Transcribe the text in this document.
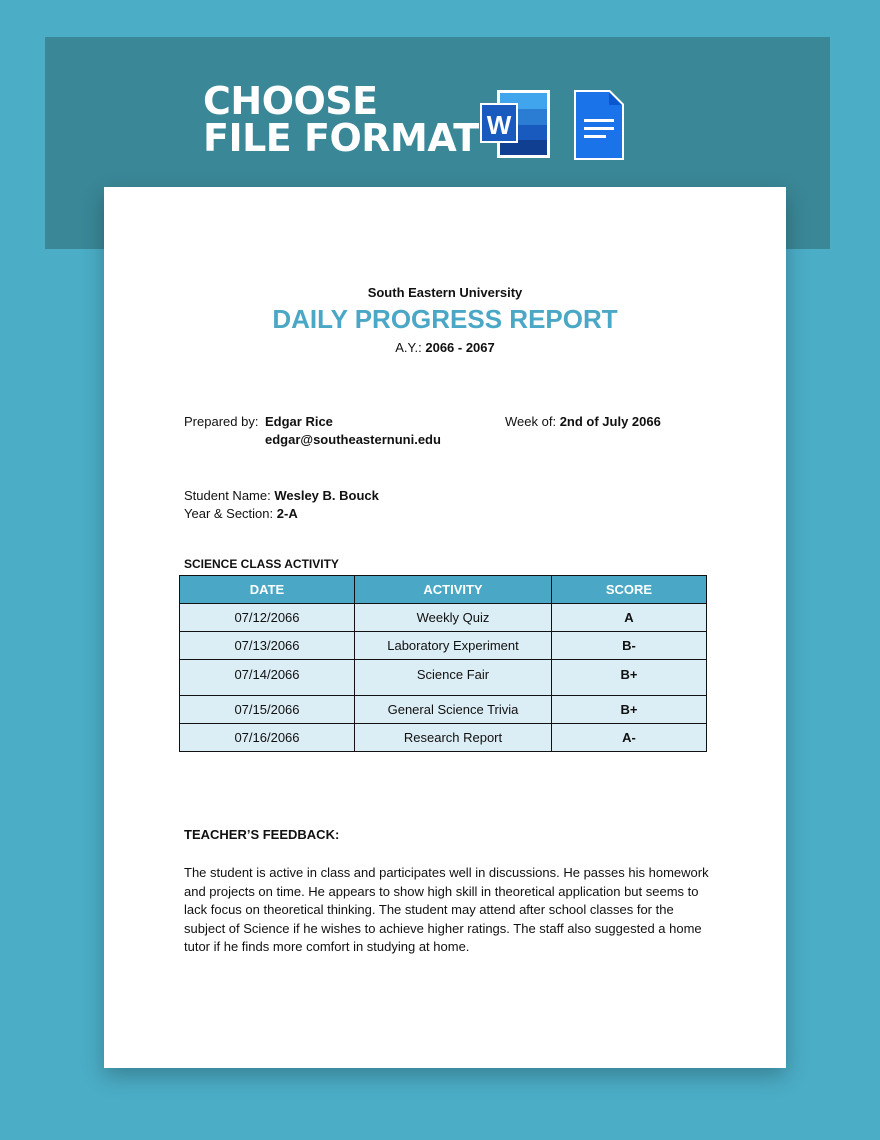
CHOOSE
FILE FORMAT W
South Eastern University
DAILY PROGRESS REPORT
A.Y.: 2066 - 2067
Prepared by: Edgar Rice
edgar@southeasternuni.edu
Week of: 2nd of July 2066
Student Name: Wesley B. Bouck
Year & Section: 2-A
SCIENCE CLASS ACTIVITY
DATE	ACTIVITY	SCORE
07/12/2066	Weekly Quiz	A
07/13/2066	Laboratory Experiment	B-
07/14/2066	Science Fair	B+
07/15/2066	General Science Trivia	B+
07/16/2066	Research Report	A-
TEACHER’S FEEDBACK:
The student is active in class and participates well in discussions. He passes his homework and projects on time. He appears to show high skill in theoretical application but seems to lack focus on theoretical thinking. The student may attend after school classes for the subject of Science if he wishes to achieve higher ratings. The staff also suggested a home tutor if he finds more comfort in studying at home.
